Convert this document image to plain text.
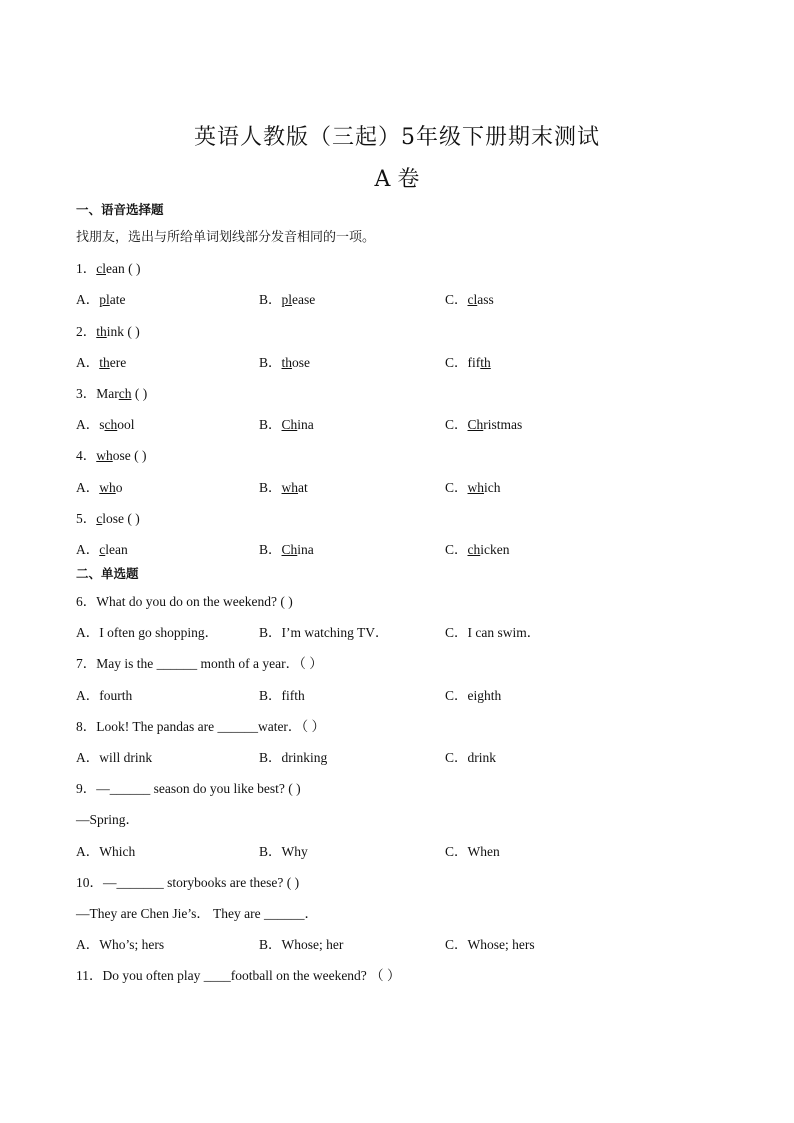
英语人教版（三起）5年级下册期末测试
A 卷
一、语音选择题
找朋友，选出与所给单词划线部分发音相同的一项。
1．clean ( )
A．plate	B．please	C．class
2．think ( )
A．there	B．those	C．fifth
3．March ( )
A．school	B．China	C．Christmas
4．whose ( )
A．who	B．what	C．which
5．close ( )
A．clean	B．China	C．chicken
二、单选题
6．What do you do on the weekend? ( )
A．I often go shopping．	B．I’m watching TV．	C．I can swim．
7．May is the ______ month of a year．（ ）
A．fourth	B．fifth	C．eighth
8．Look! The pandas are ______water．（ ）
A．will drink	B．drinking	C．drink
9．—______ season do you like best? ( )
—Spring．
A．Which	B．Why	C．When
10．—_______ storybooks are these? ( )
—They are Chen Jie’s． They are ______．
A．Who’s; hers	B．Whose; her	C．Whose; hers
11．Do you often play ____football on the weekend? （ ）
